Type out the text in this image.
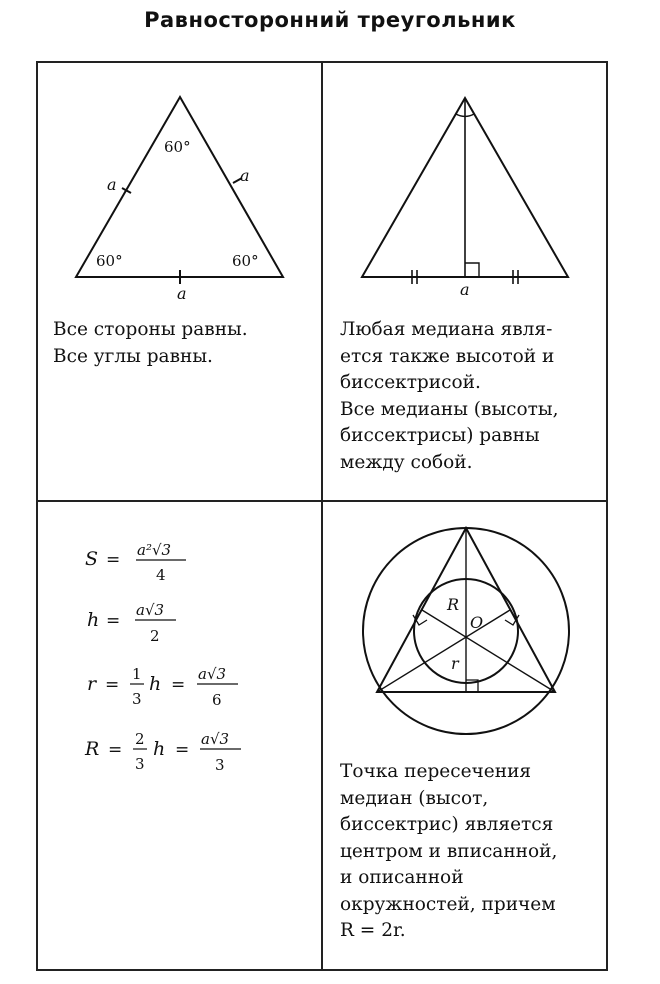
Равносторонний треугольник
60°
60°	60°
a	a
a	a
S = a²√3
4
h =
a√3
2
r =
1
3
h =
a√3
6
R =
2
3
h =
a√3
3
R
O
r
Все стороны равны.
Все углы равны.
Любая медиана явля-
ется также высотой и
биссектрисой.
Все медианы (высоты,
биссектрисы) равны
между собой.
Точка пересечения
медиан (высот,
биссектрис) является
центром и вписанной,
и описанной
окружностей, причем
R = 2r.
